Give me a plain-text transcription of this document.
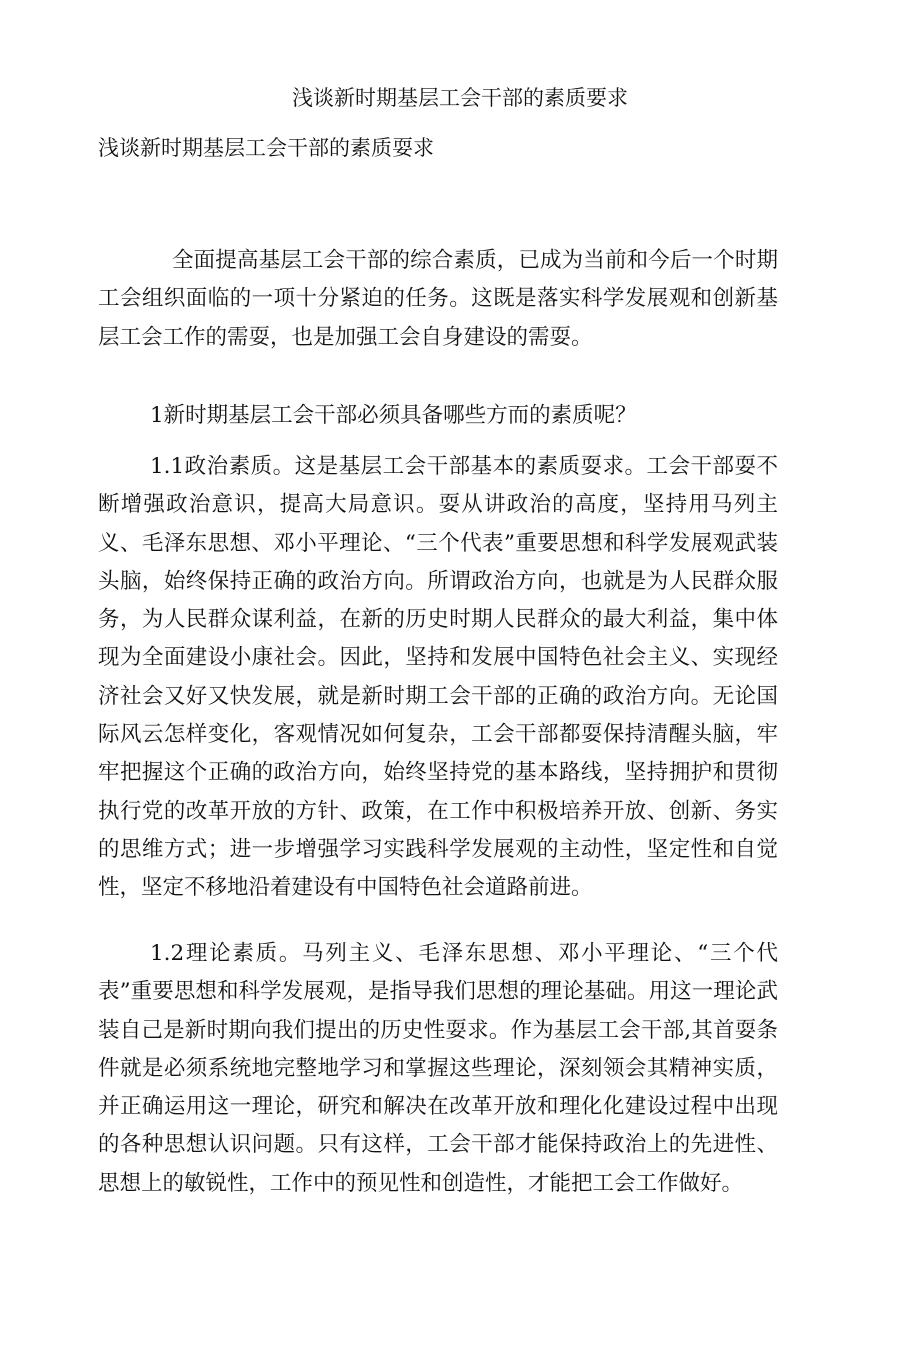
浅谈新时期基层工会干部的素质要求
浅谈新时期基层工会干部的素质耍求

全面提高基层工会干部的综合素质，已成为当前和今后一个时期工会组织面临的一项十分紧迫的任务。这既是落实科学发展观和创新基层工会工作的需耍，也是加强工会自身建设的需耍。

1新时期基层工会干部必须具备哪些方而的素质呢？

1.1政治素质。这是基层工会干部基本的素质耍求。工会干部耍不断增强政治意识，提高大局意识。耍从讲政治的高度，坚持用马列主义、毛泽东思想、邓小平理论、“三个代表”重要思想和科学发展观武装头脑，始终保持正确的政治方向。所谓政治方向，也就是为人民群众服务，为人民群众谋利益，在新的历史时期人民群众的最大利益，集中体现为全面建设小康社会。因此，坚持和发展中国特色社会主义、实现经济社会又好又快发展，就是新时期工会干部的正确的政治方向。无论国际风云怎样变化，客观情况如何复杂，工会干部都耍保持清醒头脑，牢牢把握这个正确的政治方向，始终坚持党的基本路线，坚持拥护和贯彻执行党的改革开放的方针、政策，在工作中积极培养开放、创新、务实的思维方式；进一步增强学习实践科学发展观的主动性，坚定性和自觉性，坚定不移地沿着建设有中国特色社会道路前进。

1.2理论素质。马列主义、毛泽东思想、邓小平理论、“三个代表”重要思想和科学发展观，是指导我们思想的理论基础。用这一理论武装自己是新时期向我们提出的历史性耍求。作为基层工会干部,其首耍条件就是必须系统地完整地学习和掌握这些理论，深刻领会其精神实质，并正确运用这一理论，研究和解决在改革开放和理化化建设过程中出现的各种思想认识问题。只有这样，工会干部才能保持政治上的先进性、思想上的敏锐性，工作中的预见性和创造性，才能把工会工作做好。
